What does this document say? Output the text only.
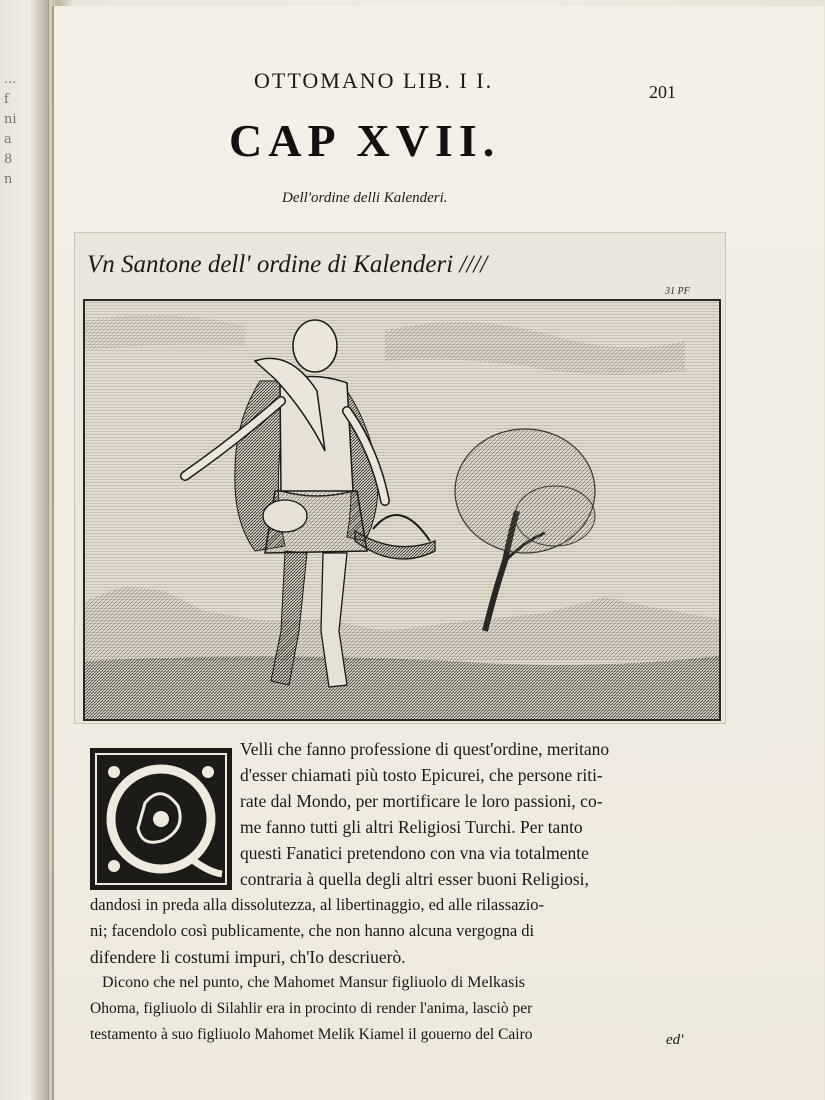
...
f
ni
a
8
n
OTTOMANO LIB. I I.	201
CAP XVII.
Dell'ordine delli Kalenderi.
Vn Santone dell' ordine di Kalenderi ////
31 PF
Velli che fanno professione di quest'ordine, meritano
d'esser chiamati più tosto Epicurei, che persone riti-
rate dal Mondo, per mortificare le loro passioni, co-
me fanno tutti gli altri Religiosi Turchi. Per tanto
questi Fanatici pretendono con vna via totalmente
contraria à quella degli altri esser buoni Religiosi,
dandosi in preda alla dissolutezza, al libertinaggio, ed alle rilassazio-
ni; facendolo così publicamente, che non hanno alcuna vergogna di
difendere li costumi impuri, ch'Io descriuerò.
Dicono che nel punto, che Mahomet Mansur figliuolo di Melkasis
Ohoma, figliuolo di Silahlir era in procinto di render l'anima, lasciò per
testamento à suo figliuolo Mahomet Melik Kiamel il gouerno del Cairo	ed'
